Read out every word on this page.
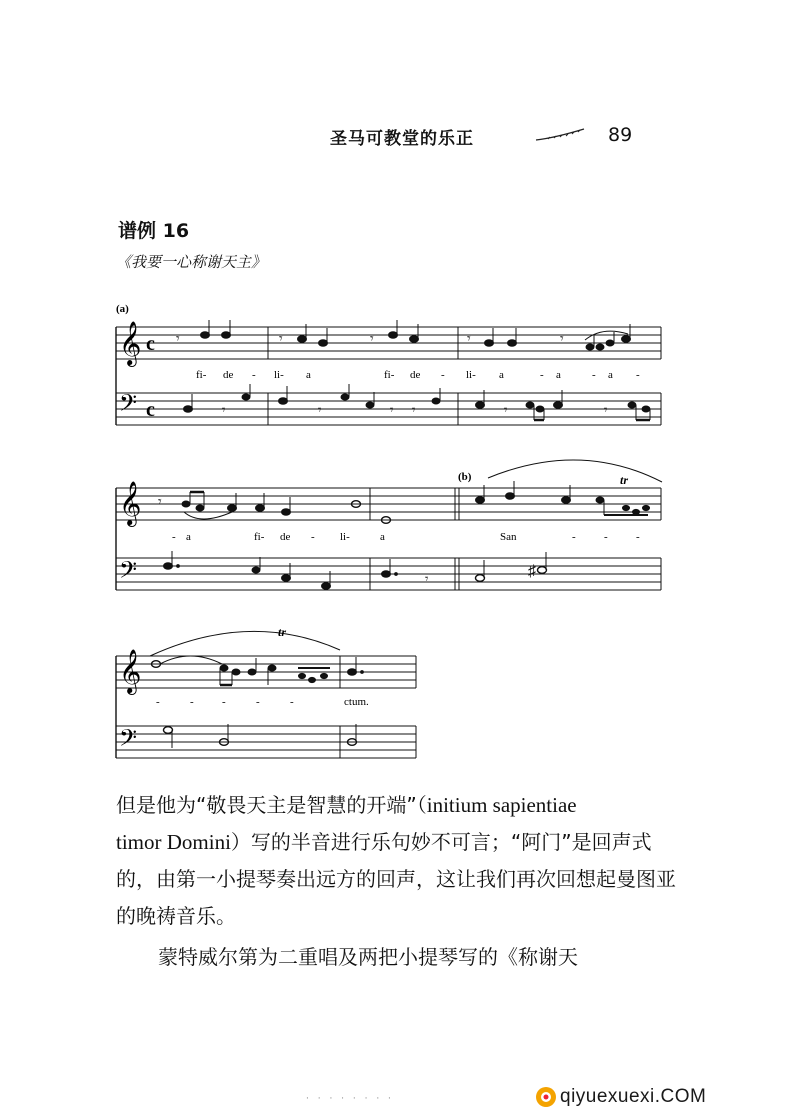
圣马可教堂的乐正	89
谱例 16
《我要一心称谢天主》
(a)
𝄞
𝄢
c
c
𝄾	𝄾	𝄾	𝄾	𝄾
fi- de - li- a	fi- de - li- a	- a	- a -
𝄾	𝄾	𝄾 𝄾	𝄾	𝄾
(b)
𝄞
𝄢
𝄾
tr
- a	fi- de - li-	a	San	-	-	-
𝄾	♯
𝄞
𝄢
tr
-	-	-	-	-	ctum.

但是他为“敬畏天主是智慧的开端”（initium sapientiae
timor Domini）写的半音进行乐句妙不可言；“阿门”是回声式的，由第一小提琴奏出远方的回声，这让我们再次回想起曼图亚的晚祷音乐。

蒙特威尔第为二重唱及两把小提琴写的《称谢天

· · · · · · · ·	qiyuexuexi.COM
